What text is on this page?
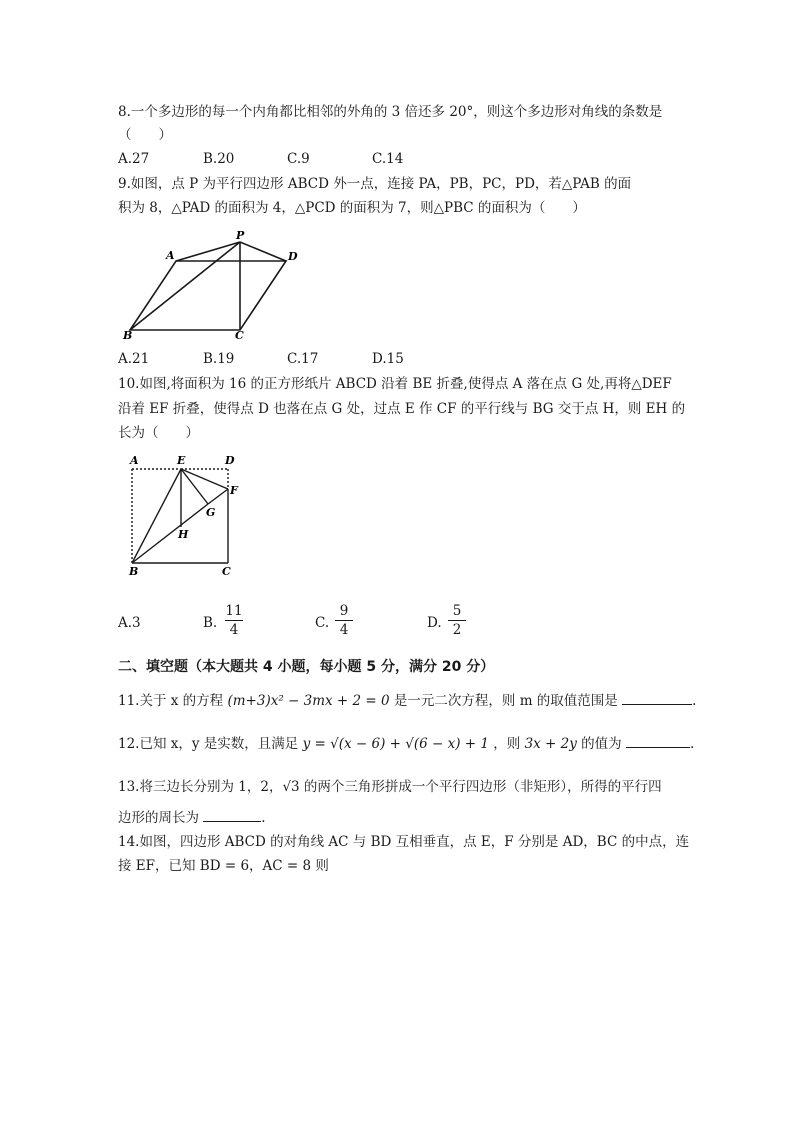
8.一个多边形的每一个内角都比相邻的外角的 3 倍还多 20°，则这个多边形对角线的条数是
（　　）
A.27	B.20	C.9	C.14
9.如图，点 P 为平行四边形 ABCD 外一点，连接 PA，PB，PC，PD，若△PAB 的面
积为 8，△PAD 的面积为 4，△PCD 的面积为 7，则△PBC 的面积为（　　）
P
A	D
B	C
A.21	B.19	C.17	D.15
10.如图,将面积为 16 的正方形纸片 ABCD 沿着 BE 折叠,使得点 A 落在点 G 处,再将△DEF
沿着 EF 折叠，使得点 D 也落在点 G 处，过点 E 作 CF 的平行线与 BG 交于点 H，则 EH 的
长为（　　）
A	E	D
F
G
H
B	C
A.3	B.
11
4	C.
9
4	D.
5
2
二、填空题（本大题共 4 小题，每小题 5 分，满分 20 分）
11.关于 x 的方程 (m+3)x² − 3mx + 2 = 0 是一元二次方程，则 m 的取值范围是	.
12.已知 x，y 是实数，且满足 y = √(x − 6) + √(6 − x) + 1 ，则 3x + 2y 的值为	.
13.将三边长分别为 1，2，√3 的两个三角形拼成一个平行四边形（非矩形），所得的平行四
边形的周长为	.
14.如图，四边形 ABCD 的对角线 AC 与 BD 互相垂直，点 E，F 分别是 AD，BC 的中点，连
接 EF，已知 BD = 6，AC = 8 则
